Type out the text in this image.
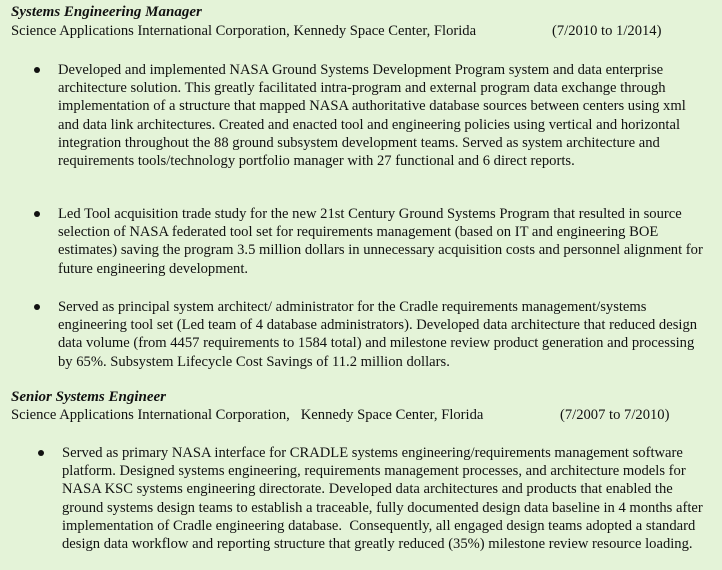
Systems Engineering Manager
Science Applications International Corporation, Kennedy Space Center, Florida	(7/2010 to 1/2014)

Developed and implemented NASA Ground Systems Development Program system and data enterprise architecture solution. This greatly facilitated intra-program and external program data exchange through implementation of a structure that mapped NASA authoritative database sources between centers using xml and data link architectures. Created and enacted tool and engineering policies using vertical and horizontal integration throughout the 88 ground subsystem development teams. Served as system architecture and requirements tools/technology portfolio manager with 27 functional and 6 direct reports.

Led Tool acquisition trade study for the new 21st Century Ground Systems Program that resulted in source selection of NASA federated tool set for requirements management (based on IT and engineering BOE estimates) saving the program 3.5 million dollars in unnecessary acquisition costs and personnel alignment for future engineering development.

Served as principal system architect/ administrator for the Cradle requirements management/systems engineering tool set (Led team of 4 database administrators). Developed data architecture that reduced design data volume (from 4457 requirements to 1584 total) and milestone review product generation and processing by 65%. Subsystem Lifecycle Cost Savings of 11.2 million dollars.

Senior Systems Engineer
Science Applications International Corporation,   Kennedy Space Center, Florida	(7/2007 to 7/2010)

Served as primary NASA interface for CRADLE systems engineering/requirements management software platform. Designed systems engineering, requirements management processes, and architecture models for NASA KSC systems engineering directorate. Developed data architectures and products that enabled the ground systems design teams to establish a traceable, fully documented design data baseline in 4 months after implementation of Cradle engineering database.  Consequently, all engaged design teams adopted a standard design data workflow and reporting structure that greatly reduced (35%) milestone review resource loading.
